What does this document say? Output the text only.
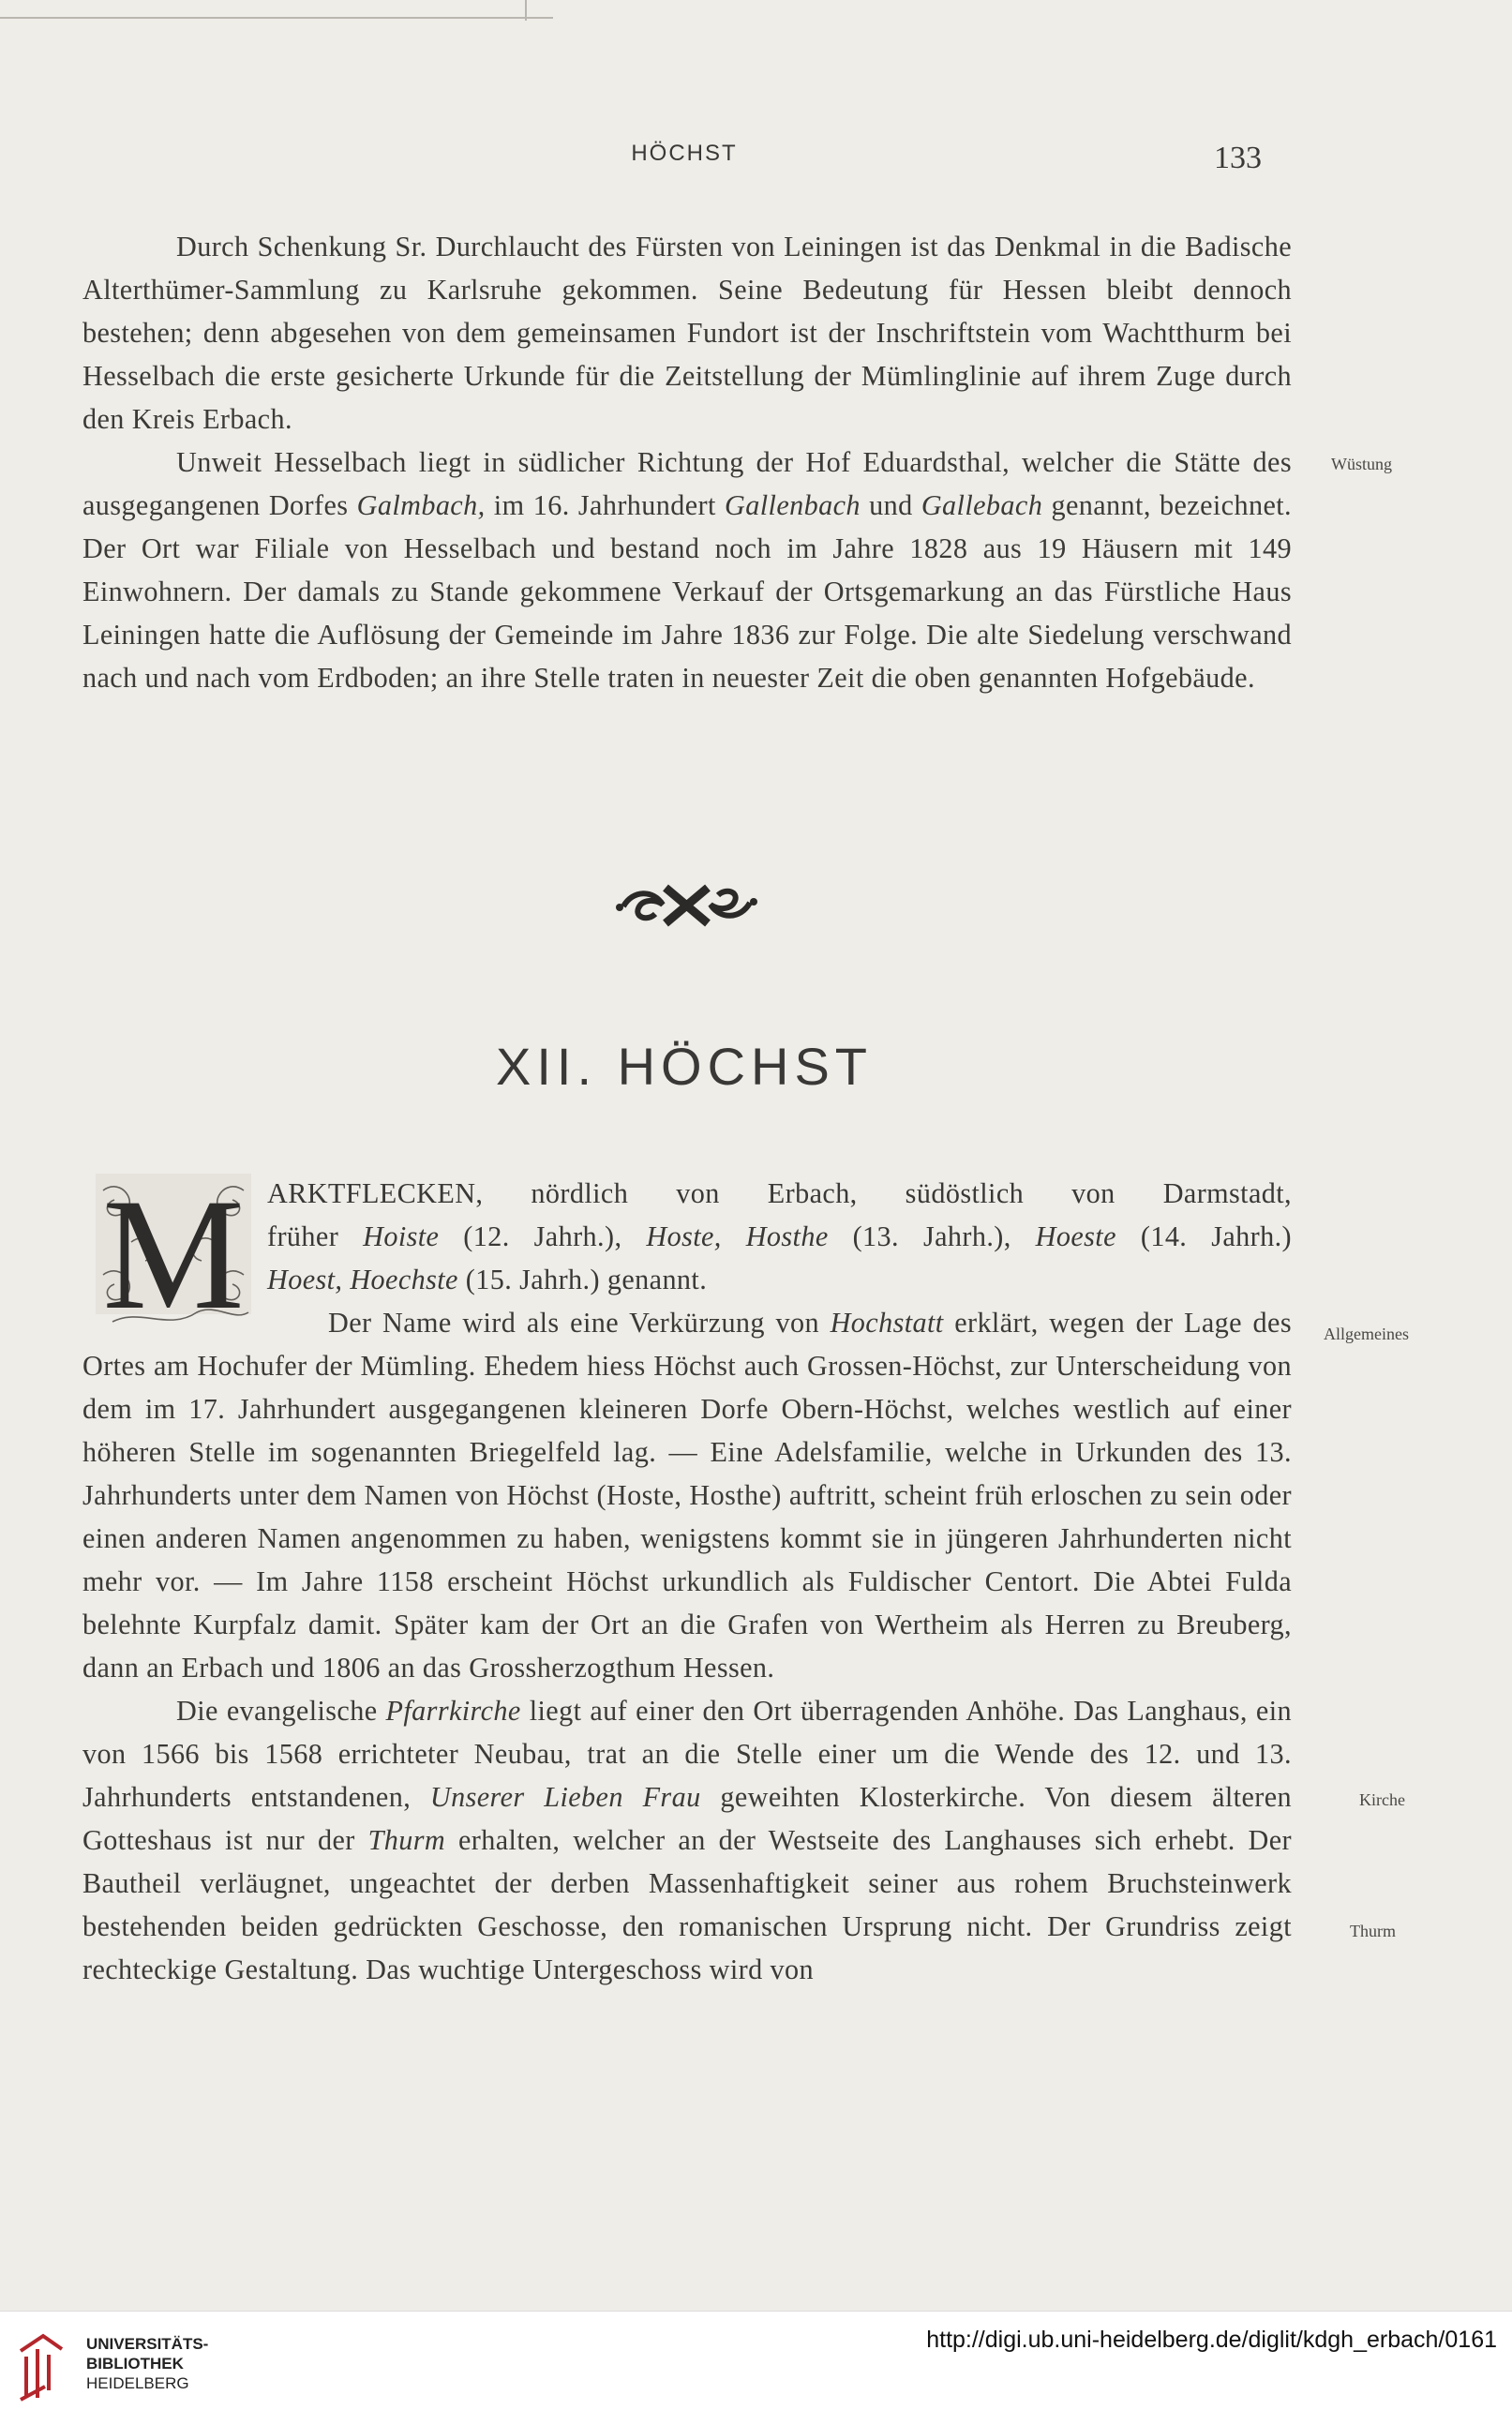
HÖCHST	133

Durch Schenkung Sr. Durchlaucht des Fürsten von Leiningen ist das Denkmal in die Badische Alterthümer-Sammlung zu Karlsruhe gekommen. Seine Bedeutung für Hessen bleibt dennoch bestehen; denn abgesehen von dem gemeinsamen Fundort ist der Inschriftstein vom Wachtthurm bei Hesselbach die erste gesicherte Urkunde für die Zeitstellung der Mümlinglinie auf ihrem Zuge durch den Kreis Erbach.

Unweit Hesselbach liegt in südlicher Richtung der Hof Eduardsthal, welcher die Stätte des ausgegangenen Dorfes Galmbach, im 16. Jahrhundert Gallenbach und Gallebach genannt, bezeichnet. Der Ort war Filiale von Hesselbach und bestand noch im Jahre 1828 aus 19 Häusern mit 149 Einwohnern. Der damals zu Stande gekommene Verkauf der Ortsgemarkung an das Fürstliche Haus Leiningen hatte die Auflösung der Gemeinde im Jahre 1836 zur Folge. Die alte Siedelung verschwand nach und nach vom Erdboden; an ihre Stelle traten in neuester Zeit die oben genannten Hofgebäude.

Wüstung
XII. HÖCHST
M ARKTFLECKEN, nördlich von Erbach, südöstlich von Darmstadt,
früher Hoiste (12. Jahrh.), Hoste, Hosthe (13. Jahrh.), Hoeste (14. Jahrh.)
Hoest, Hoechste (15. Jahrh.) genannt.

Der Name wird als eine Verkürzung von Hochstatt erklärt, wegen der Lage des Ortes am Hochufer der Mümling. Ehedem hiess Höchst auch Grossen-Höchst, zur Unterscheidung von dem im 17. Jahrhundert ausgegangenen kleineren Dorfe Obern-Höchst, welches westlich auf einer höheren Stelle im sogenannten Briegelfeld lag. — Eine Adelsfamilie, welche in Urkunden des 13. Jahrhunderts unter dem Namen von Höchst (Hoste, Hosthe) auftritt, scheint früh erloschen zu sein oder einen anderen Namen angenommen zu haben, wenigstens kommt sie in jüngeren Jahrhunderten nicht mehr vor. — Im Jahre 1158 erscheint Höchst urkundlich als Fuldischer Centort. Die Abtei Fulda belehnte Kurpfalz damit. Später kam der Ort an die Grafen von Wertheim als Herren zu Breuberg, dann an Erbach und 1806 an das Grossherzogthum Hessen.

Die evangelische Pfarrkirche liegt auf einer den Ort überragenden Anhöhe. Das Langhaus, ein von 1566 bis 1568 errichteter Neubau, trat an die Stelle einer um die Wende des 12. und 13. Jahrhunderts entstandenen, Unserer Lieben Frau geweihten Klosterkirche. Von diesem älteren Gotteshaus ist nur der Thurm erhalten, welcher an der Westseite des Langhauses sich erhebt. Der Bautheil verläugnet, ungeachtet der derben Massenhaftigkeit seiner aus rohem Bruchsteinwerk bestehenden beiden gedrückten Geschosse, den romanischen Ursprung nicht. Der Grundriss zeigt rechteckige Gestaltung. Das wuchtige Untergeschoss wird von

Allgemeines
Kirche
Thurm
UNIVERSITÄTS-
BIBLIOTHEK
HEIDELBERG
http://digi.ub.uni-heidelberg.de/diglit/kdgh_erbach/0161
